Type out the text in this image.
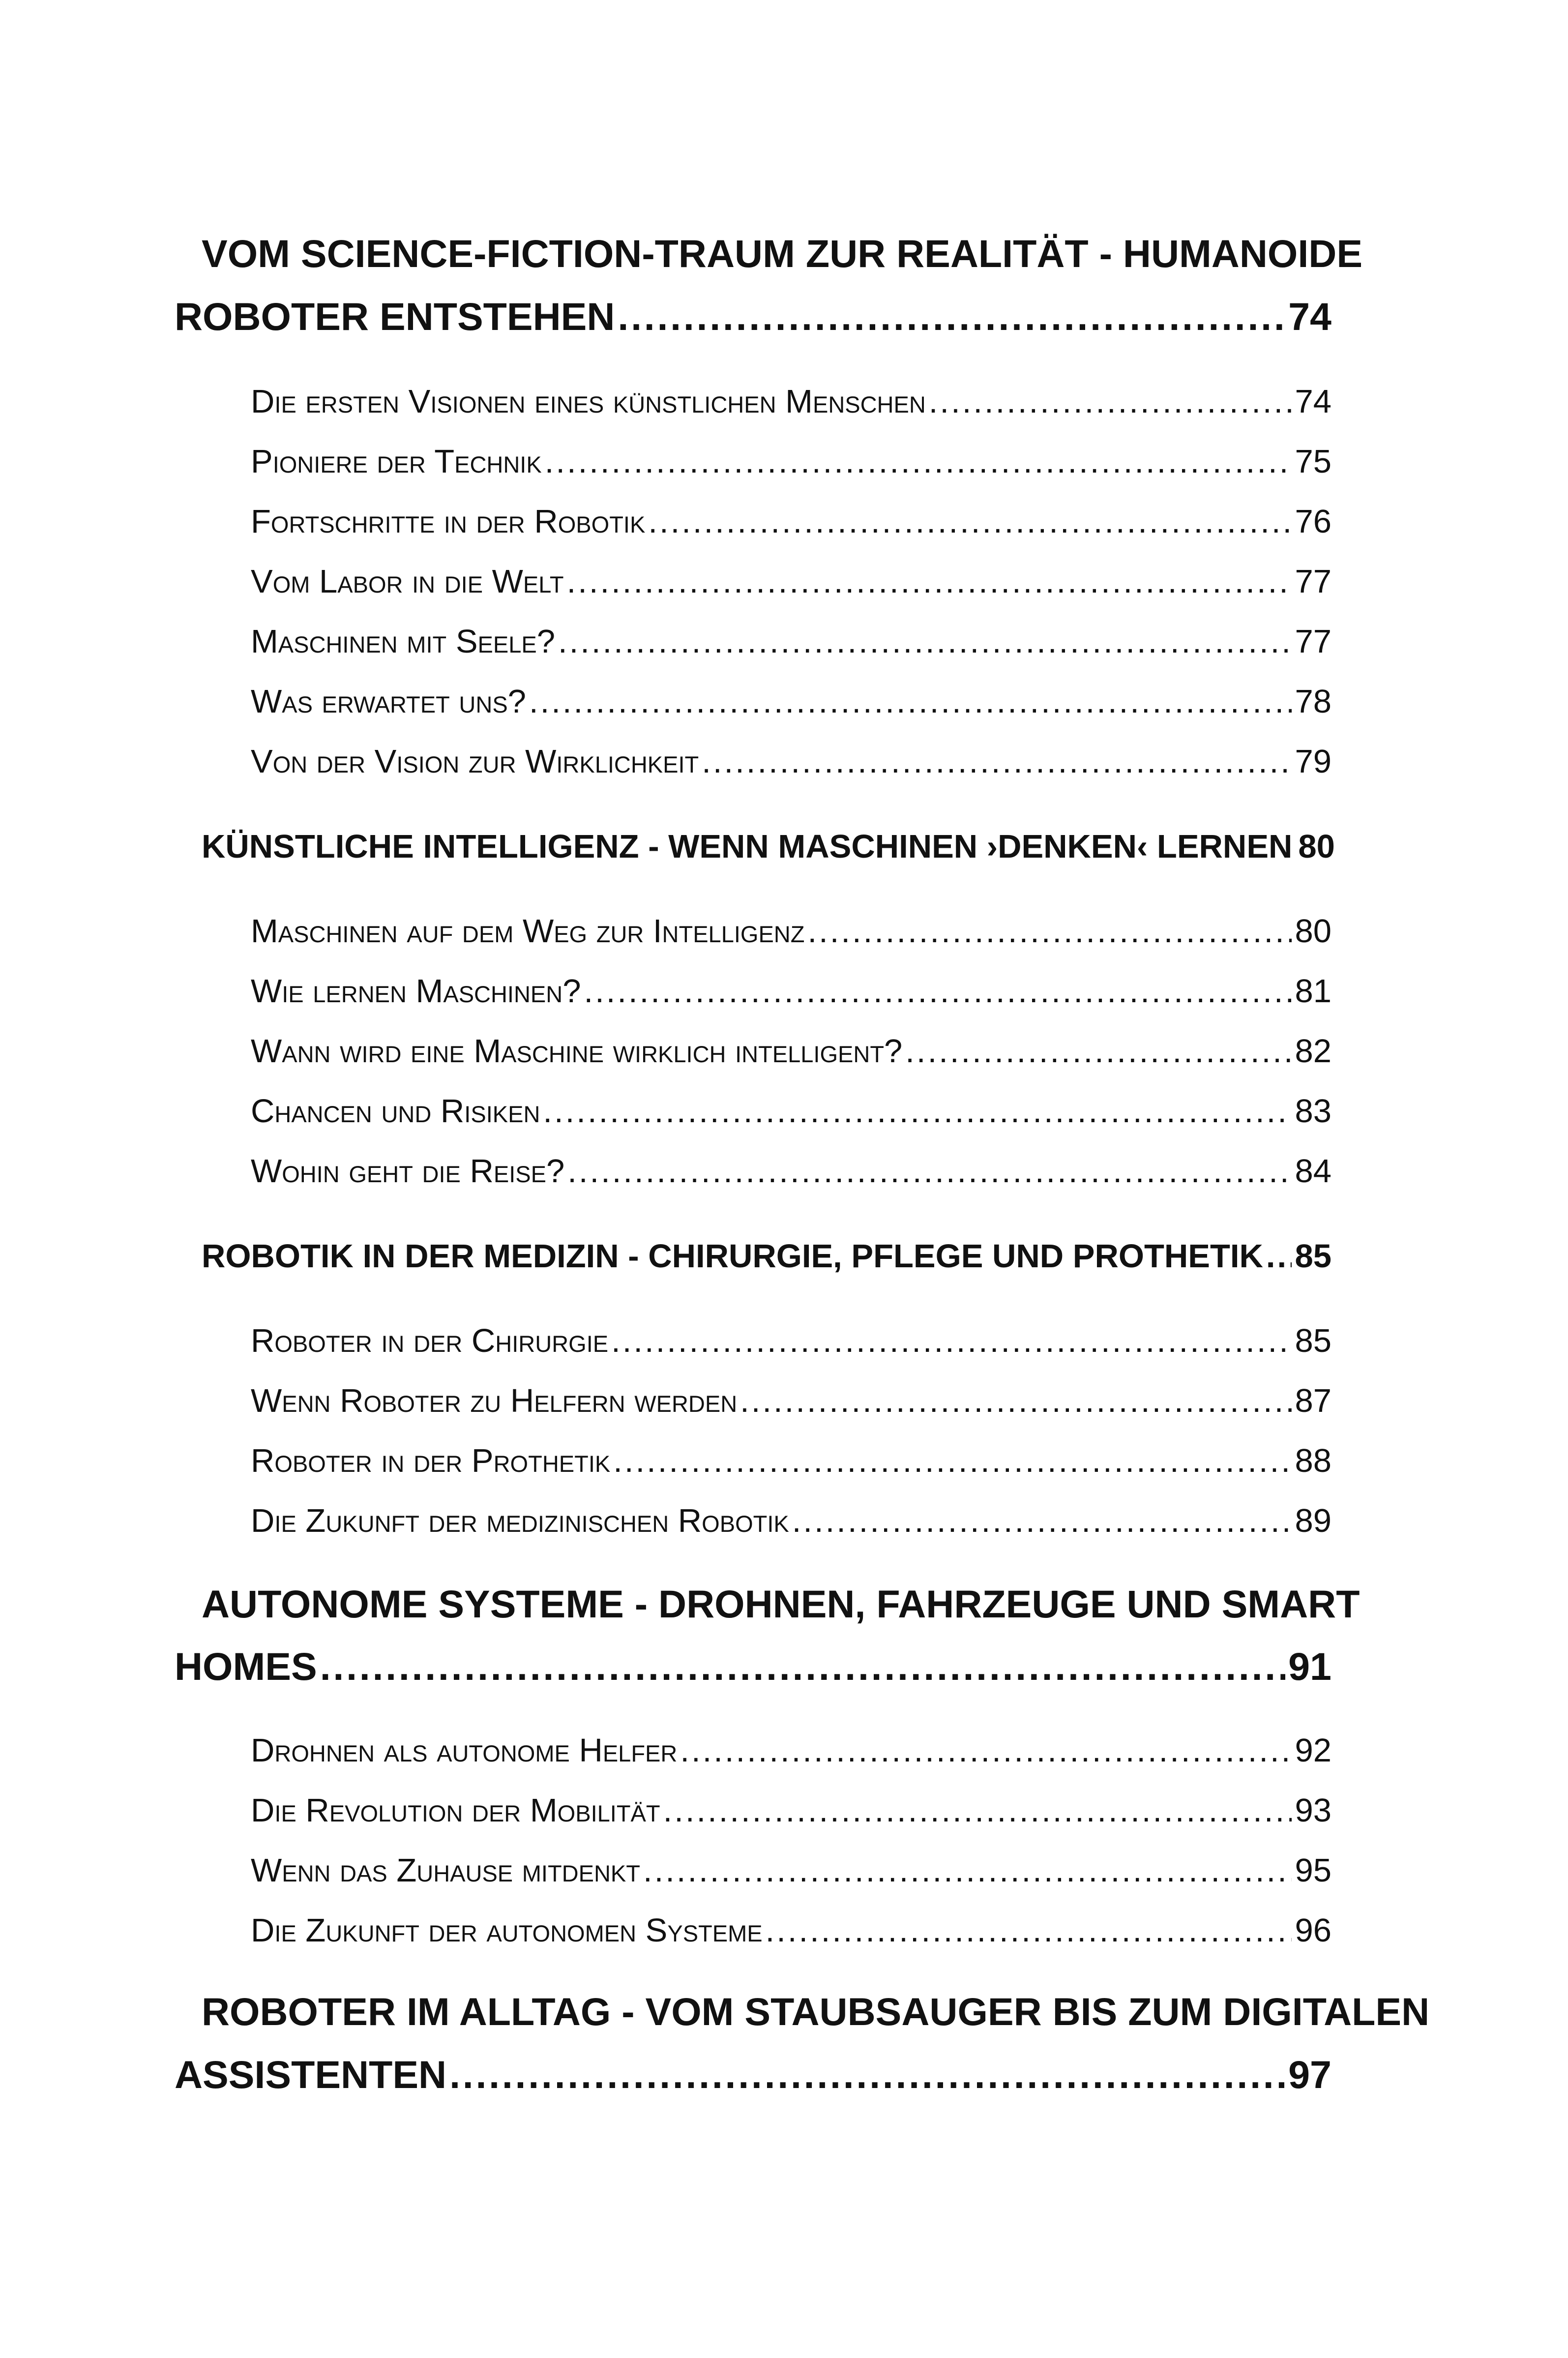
VOM SCIENCE-FICTION-TRAUM ZUR REALITÄT - HUMANOIDE
ROBOTER ENTSTEHEN .....	74
Die ersten Visionen eines künstlichen Menschen .....	74
Pioniere der Technik .....	75
Fortschritte in der Robotik .....	76
Vom Labor in die Welt .....	77
Maschinen mit Seele? .....	77
Was erwartet uns? .....	78
Von der Vision zur Wirklichkeit .....	79
KÜNSTLICHE INTELLIGENZ - WENN MASCHINEN ›DENKEN‹ LERNEN 80
Maschinen auf dem Weg zur Intelligenz .....	80
Wie lernen Maschinen? .....	81
Wann wird eine Maschine wirklich intelligent? .....	82
Chancen und Risiken .....	83
Wohin geht die Reise? .....	84
ROBOTIK IN DER MEDIZIN - CHIRURGIE, PFLEGE UND PROTHETIK ..... 85
Roboter in der Chirurgie .....	85
Wenn Roboter zu Helfern werden .....	87
Roboter in der Prothetik .....	88
Die Zukunft der medizinischen Robotik .....	89
AUTONOME SYSTEME - DROHNEN, FAHRZEUGE UND SMART
HOMES .....	91
Drohnen als autonome Helfer .....	92
Die Revolution der Mobilität .....	93
Wenn das Zuhause mitdenkt .....	95
Die Zukunft der autonomen Systeme .....	96
ROBOTER IM ALLTAG - VOM STAUBSAUGER BIS ZUM DIGITALEN
ASSISTENTEN .....	97
